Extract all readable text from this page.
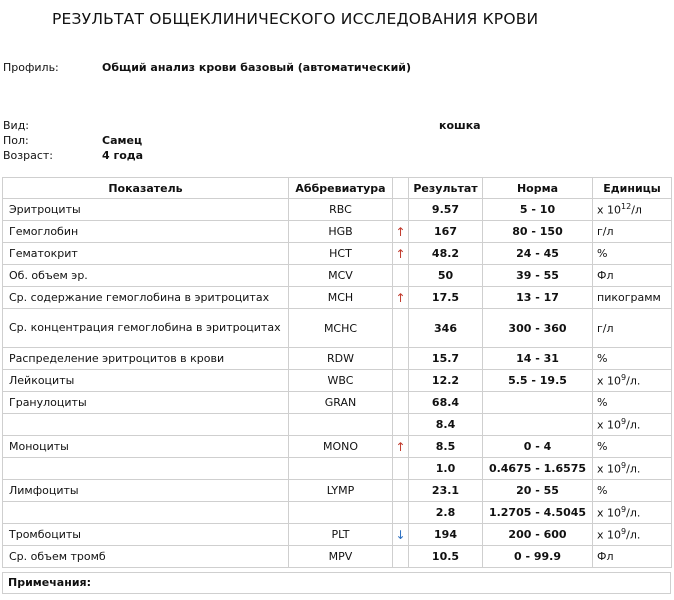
РЕЗУЛЬТАТ ОБЩЕКЛИНИЧЕСКОГО ИССЛЕДОВАНИЯ КРОВИ
Профиль:	Общий анализ крови базовый (автоматический)
Вид:	кошка
Пол:	Самец
Возраст:	4 года
Показатель	Аббревиатура		Результат	Норма	Единицы
Эритроциты	RBC		9.57	5 - 10	x $10^{12}/л$
Гемоглобин	HGB	↑	167	80 - 150	г/л
Гематокрит	HCT	↑	48.2	24 - 45	%
Об. объем эр.	MCV		50	39 - 55	Фл
Ср. содержание гемоглобина в эритроцитах	MCH	↑	17.5	13 - 17	пикограмм
Ср. концентрация гемоглобина в эритроцитах	MCHC		346	300 - 360	г/л
Распределение эритроцитов в крови	RDW		15.7	14 - 31	%
Лейкоциты	WBC		12.2	5.5 - 19.5	x $10^9/л$.
Гранулоциты	GRAN		68.4		%
			8.4		x $10^9/л$.
Моноциты	MONO	↑	8.5	0 - 4	%
			1.0	0.4675 - 1.6575	x $10^9/л$.
Лимфоциты	LYMP		23.1	20 - 55	%
			2.8	1.2705 - 4.5045	x $10^9/л$.
Тромбоциты	PLT	↓	194	200 - 600	x $10^9/л$.
Ср. объем тромб	MPV		10.5	0 - 99.9	Фл
Примечания:
